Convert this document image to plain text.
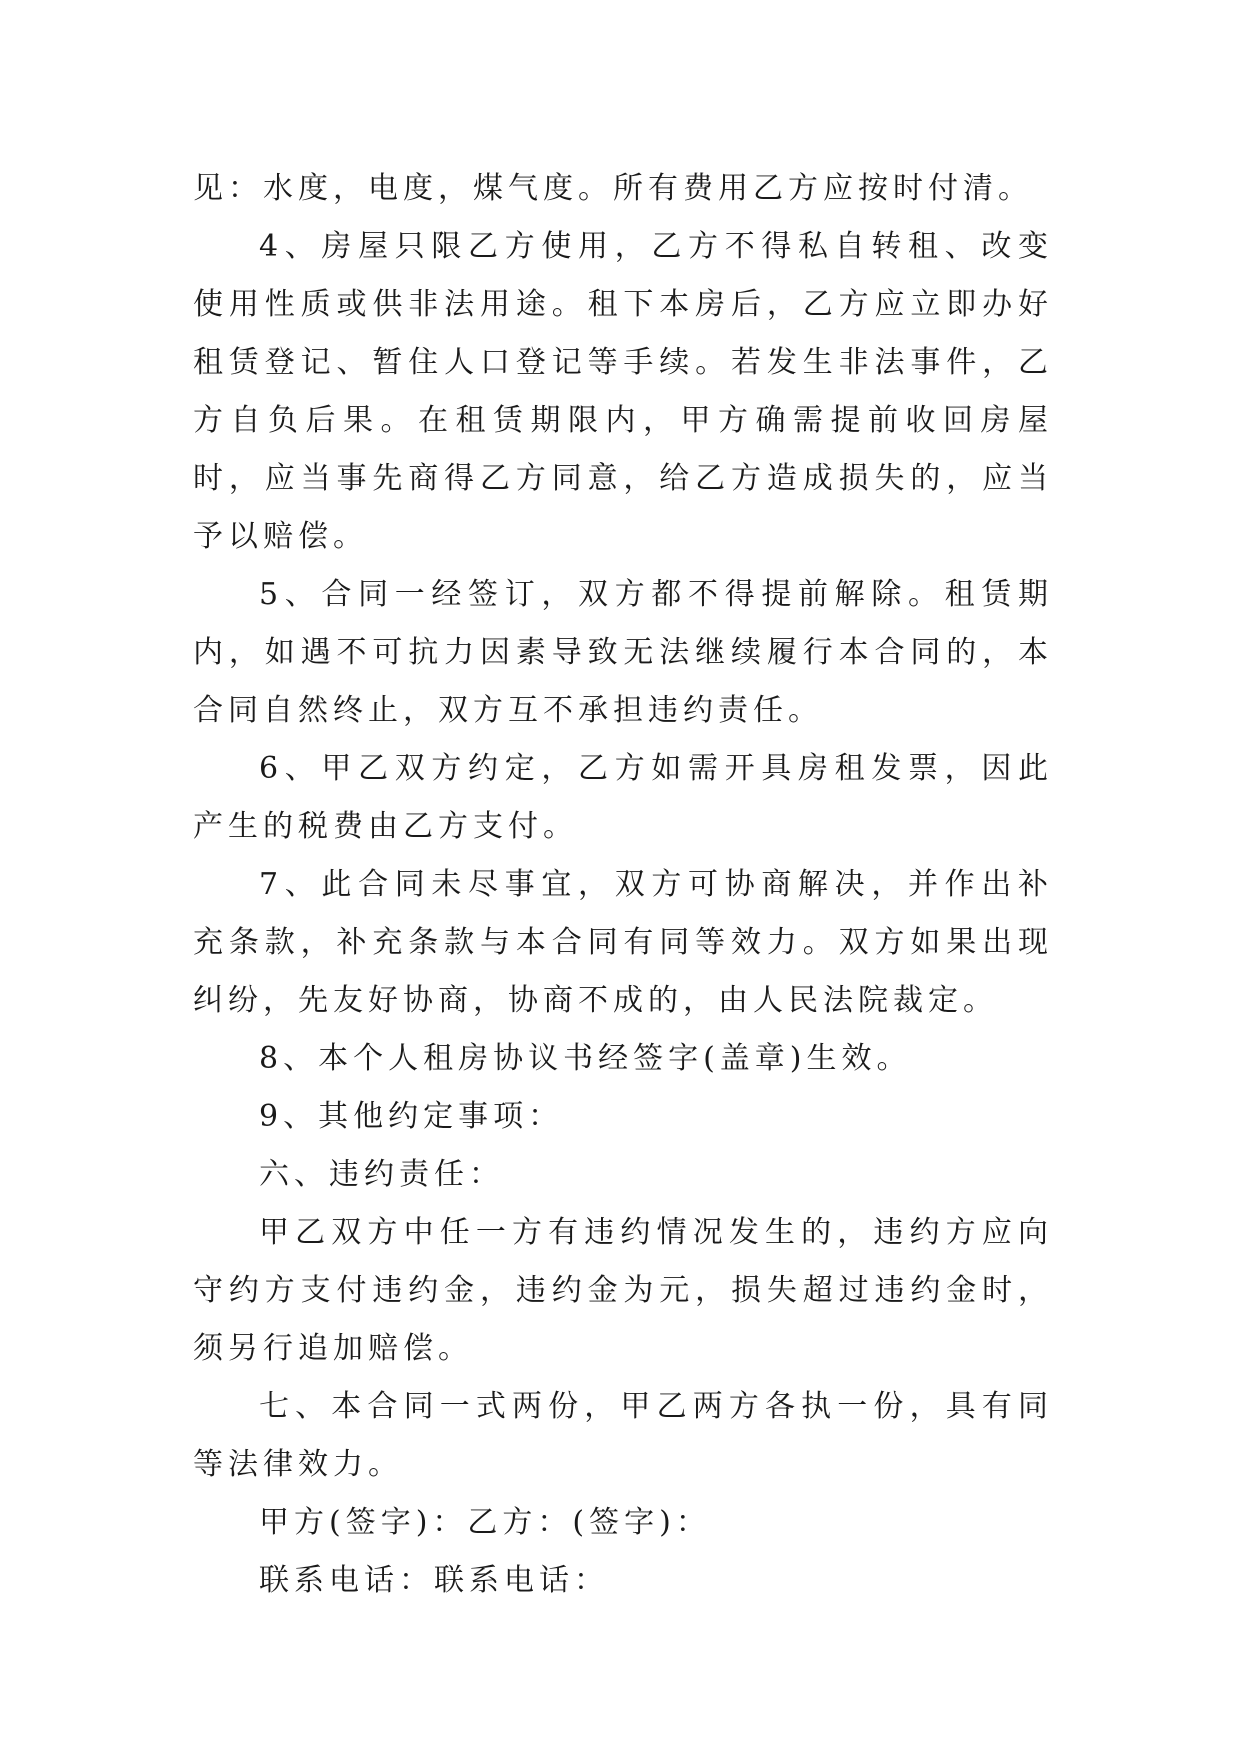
见：水度，电度，煤气度。所有费用乙方应按时付清。

4、房屋只限乙方使用，乙方不得私自转租、改变使用性质或供非法用途。租下本房后，乙方应立即办好租赁登记、暂住人口登记等手续。若发生非法事件，乙方自负后果。在租赁期限内，甲方确需提前收回房屋时，应当事先商得乙方同意，给乙方造成损失的，应当予以赔偿。

5、合同一经签订，双方都不得提前解除。租赁期内，如遇不可抗力因素导致无法继续履行本合同的，本合同自然终止，双方互不承担违约责任。

6、甲乙双方约定，乙方如需开具房租发票，因此产生的税费由乙方支付。

7、此合同未尽事宜，双方可协商解决，并作出补充条款，补充条款与本合同有同等效力。双方如果出现纠纷，先友好协商，协商不成的，由人民法院裁定。

8、本个人租房协议书经签字(盖章)生效。

9、其他约定事项：

六、违约责任：

甲乙双方中任一方有违约情况发生的，违约方应向守约方支付违约金，违约金为元，损失超过违约金时，须另行追加赔偿。

七、本合同一式两份，甲乙两方各执一份，具有同等法律效力。

甲方(签字)：乙方：(签字)：

联系电话：联系电话：
